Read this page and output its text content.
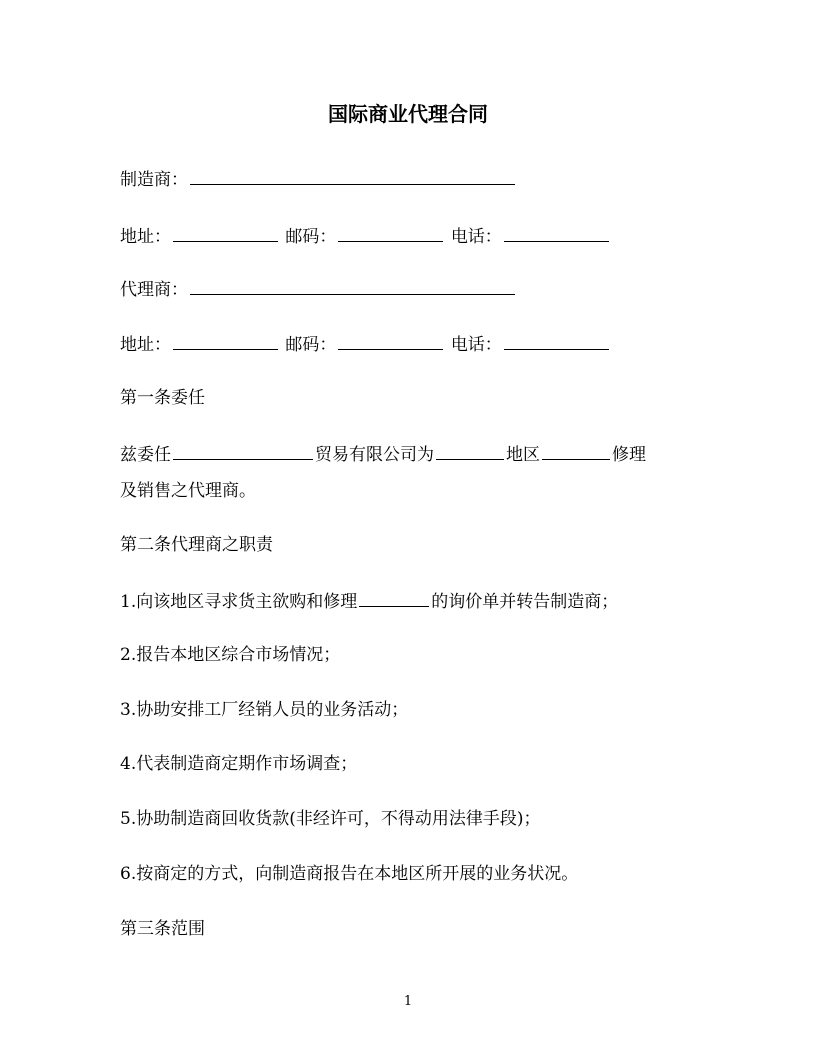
国际商业代理合同
制造商：
地址：	邮码：	电话：
代理商：
地址：	邮码：	电话：
第一条委任
兹委任	贸易有限公司为	地区	修理
及销售之代理商。
第二条代理商之职责
1.向该地区寻求货主欲购和修理	的询价单并转告制造商；
2.报告本地区综合市场情况；
3.协助安排工厂经销人员的业务活动；
4.代表制造商定期作市场调查；
5.协助制造商回收货款(非经许可，不得动用法律手段)；
6.按商定的方式，向制造商报告在本地区所开展的业务状况。
第三条范围
1
